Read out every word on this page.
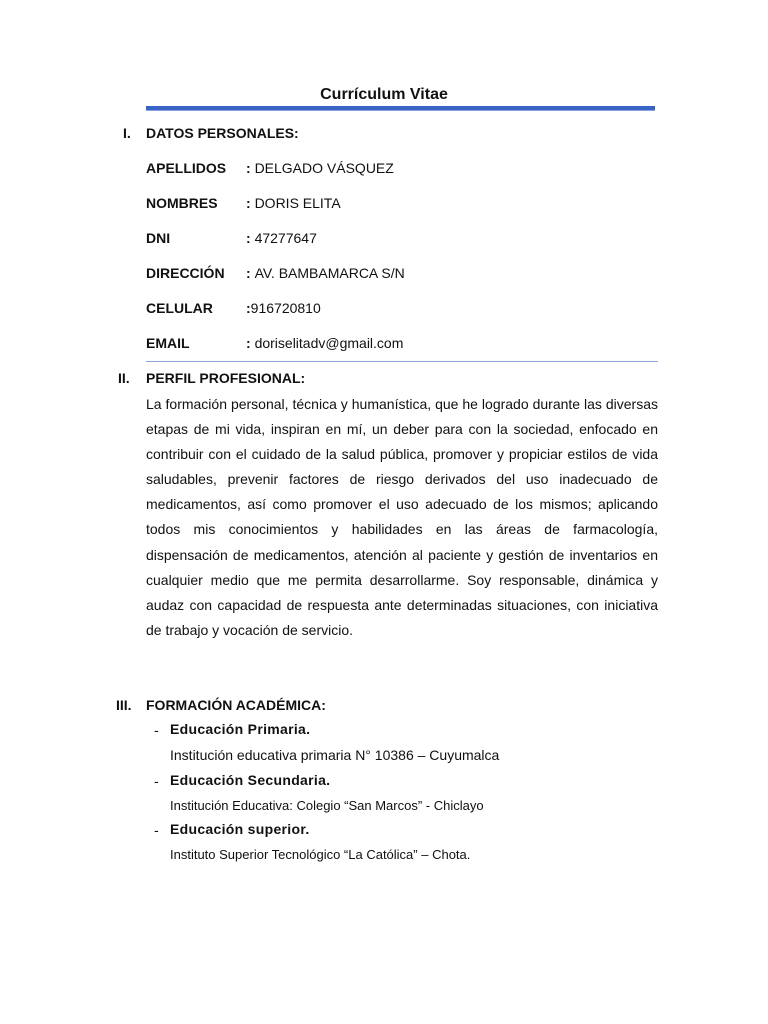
Currículum Vitae
I. DATOS PERSONALES:
APELLIDOS : DELGADO VÁSQUEZ
NOMBRES : DORIS ELITA
DNI	: 47277647
DIRECCIÓN : AV. BAMBAMARCA S/N
CELULAR :916720810
EMAIL	: doriselitadv@gmail.com
II. PERFIL PROFESIONAL:

La formación personal, técnica y humanística, que he logrado durante las diversas etapas de mi vida, inspiran en mí, un deber para con la sociedad, enfocado en contribuir con el cuidado de la salud pública, promover y propiciar estilos de vida saludables, prevenir factores de riesgo derivados del uso inadecuado de medicamentos, así como promover el uso adecuado de los mismos; aplicando todos mis conocimientos y habilidades en las áreas de farmacología, dispensación de medicamentos, atención al paciente y gestión de inventarios en cualquier medio que me permita desarrollarme. Soy responsable, dinámica y audaz con capacidad de respuesta ante determinadas situaciones, con iniciativa de trabajo y vocación de servicio.

III. FORMACIÓN ACADÉMICA:
- Educación Primaria.
Institución educativa primaria N° 10386 – Cuyumalca
- Educación Secundaria.
Institución Educativa: Colegio “San Marcos” - Chiclayo
- Educación superior.
Instituto Superior Tecnológico “La Católica” – Chota.
